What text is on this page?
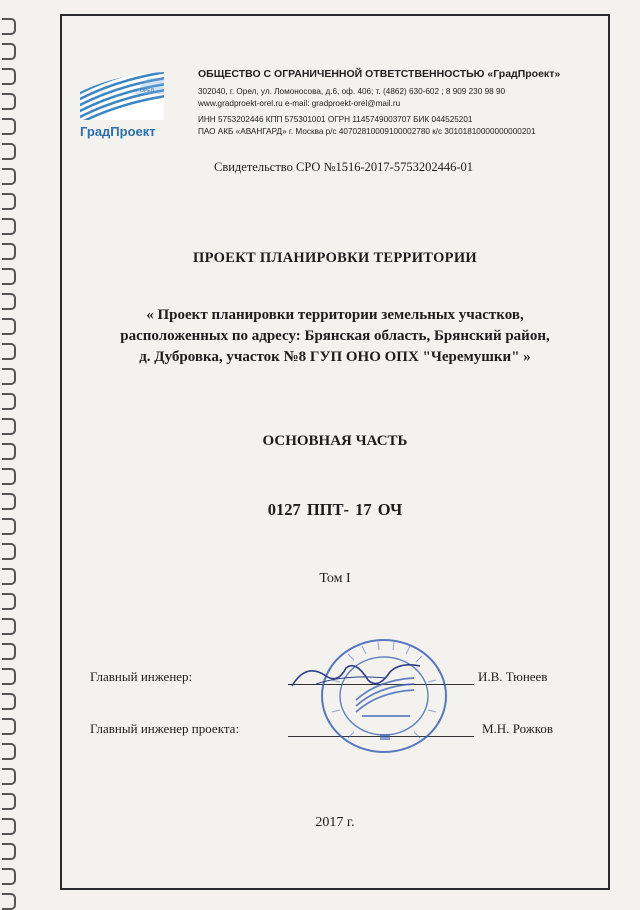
ОРЕЛ
ГрадПроект
ОБЩЕСТВО С ОГРАНИЧЕННОЙ ОТВЕТСТВЕННОСТЬЮ «ГрадПроект»
302040, г. Орел, ул. Ломоносова, д.6, оф. 406; т. (4862) 630-602 ; 8 909 230 98 90
www.gradproekt-orel.ru e-mail: gradproekt-orel@mail.ru
ИНН 5753202446 КПП 575301001 ОГРН 1145749003707 БИК 044525201
ПАО АКБ «АВАНГАРД» г. Москва р/с 40702810009100002780 к/с 30101810000000000201
Свидетельство СРО №1516-2017-5753202446-01
ПРОЕКТ ПЛАНИРОВКИ ТЕРРИТОРИИ
« Проект планировки территории земельных участков,
расположенных по адресу: Брянская область, Брянский район,
д. Дубровка, участок №8 ГУП ОНО ОПХ "Черемушки" »
ОСНОВНАЯ ЧАСТЬ
0127 ППТ- 17 ОЧ
Том I
Главный инженер:	И.В. Тюнеев
Главный инженер проекта:	М.Н. Рожков
2017 г.
